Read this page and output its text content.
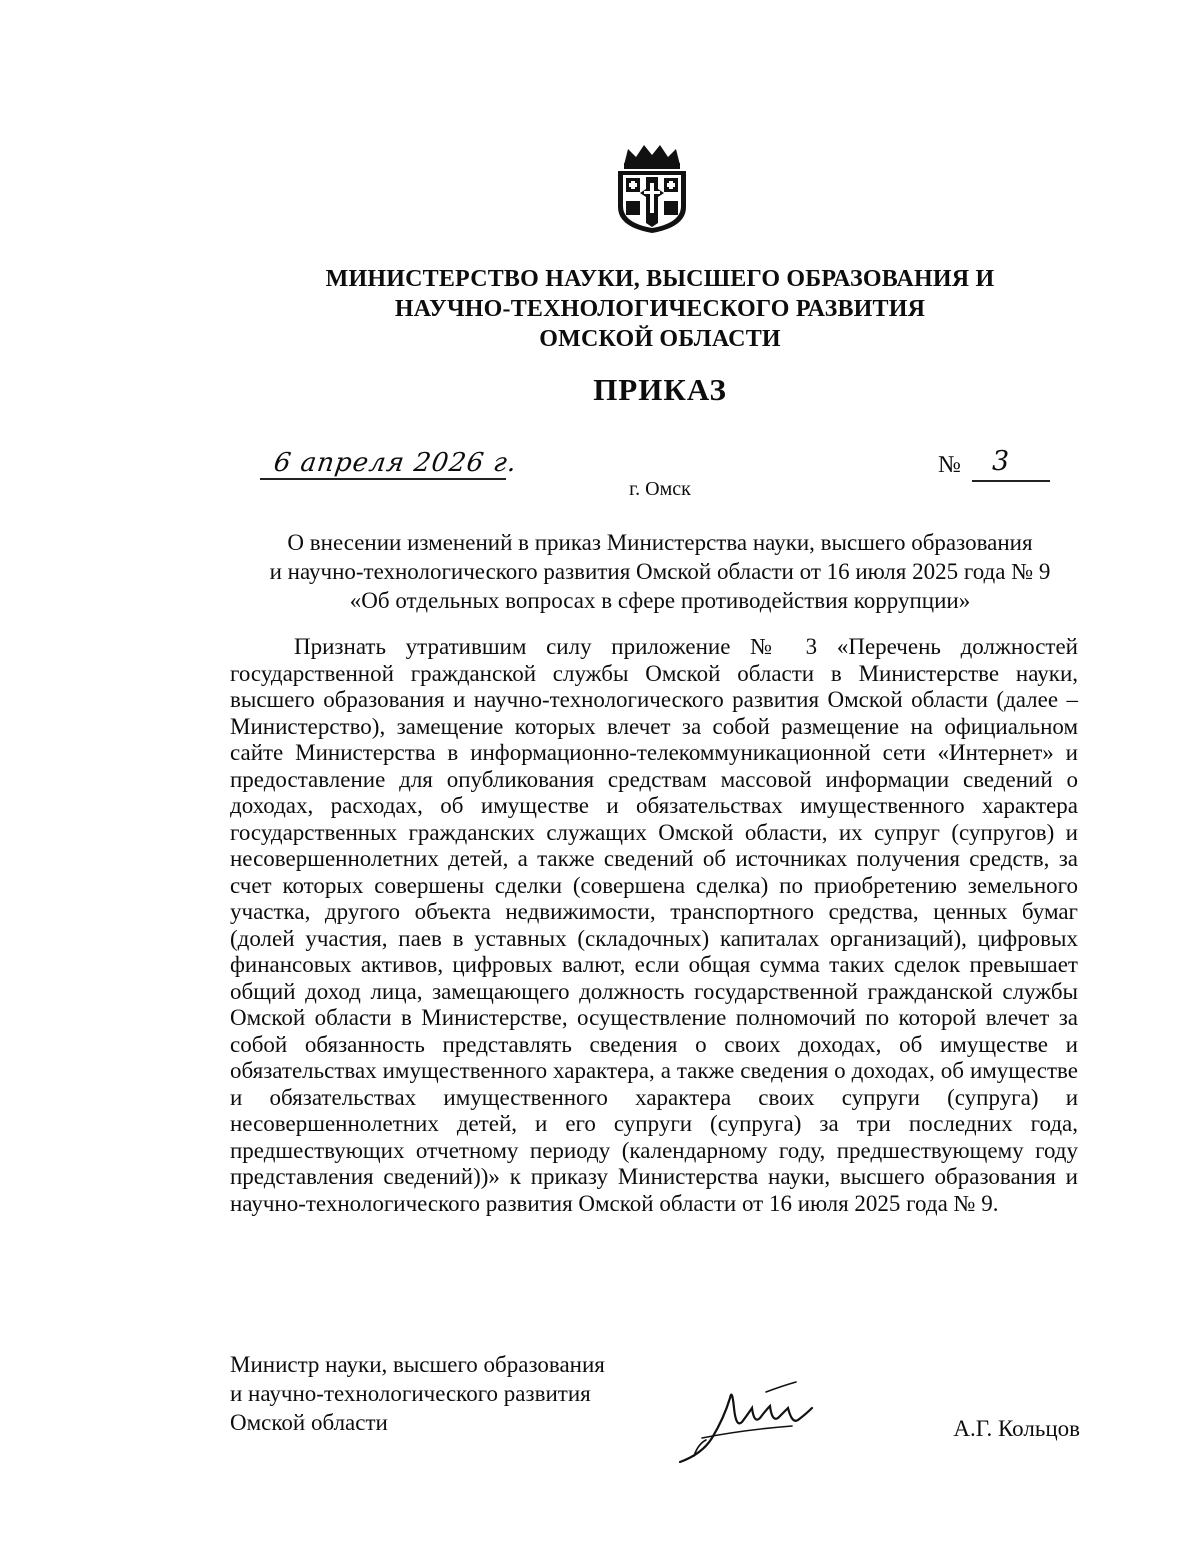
МИНИСТЕРСТВО НАУКИ, ВЫСШЕГО ОБРАЗОВАНИЯ И
НАУЧНО-ТЕХНОЛОГИЧЕСКОГО РАЗВИТИЯ
ОМСКОЙ ОБЛАСТИ
ПРИКАЗ
6 апреля 2026 г.	№ 3
г. Омск
О внесении изменений в приказ Министерства науки, высшего образования
и научно-технологического развития Омской области от 16 июля 2025 года № 9
«Об отдельных вопросах в сфере противодействия коррупции»

Признать утратившим силу приложение № 3 «Перечень должностей государственной гражданской службы Омской области в Министерстве науки, высшего образования и научно-технологического развития Омской области (далее – Министерство), замещение которых влечет за собой размещение на официальном сайте Министерства в информационно-телекоммуникационной сети «Интернет» и предоставление для опубликования средствам массовой информации сведений о доходах, расходах, об имуществе и обязательствах имущественного характера государственных гражданских служащих Омской области, их супруг (супругов) и несовершеннолетних детей, а также сведений об источниках получения средств, за счет которых совершены сделки (совершена сделка) по приобретению земельного участка, другого объекта недвижимости, транспортного средства, ценных бумаг (долей участия, паев в уставных (складочных) капиталах организаций), цифровых финансовых активов, цифровых валют, если общая сумма таких сделок превышает общий доход лица, замещающего должность государственной гражданской службы Омской области в Министерстве, осуществление полномочий по которой влечет за собой обязанность представлять сведения о своих доходах, об имуществе и обязательствах имущественного характера, а также сведения о доходах, об имуществе и обязательствах имущественного характера своих супруги (супруга) и несовершеннолетних детей, и его супруги (супруга) за три последних года, предшествующих отчетному периоду (календарному году, предшествующему году представления сведений))» к приказу Министерства науки, высшего образования и научно-технологического развития Омской области от 16 июля 2025 года № 9.

Министр науки, высшего образования
и научно-технологического развития
Омской области	А.Г. Кольцов
